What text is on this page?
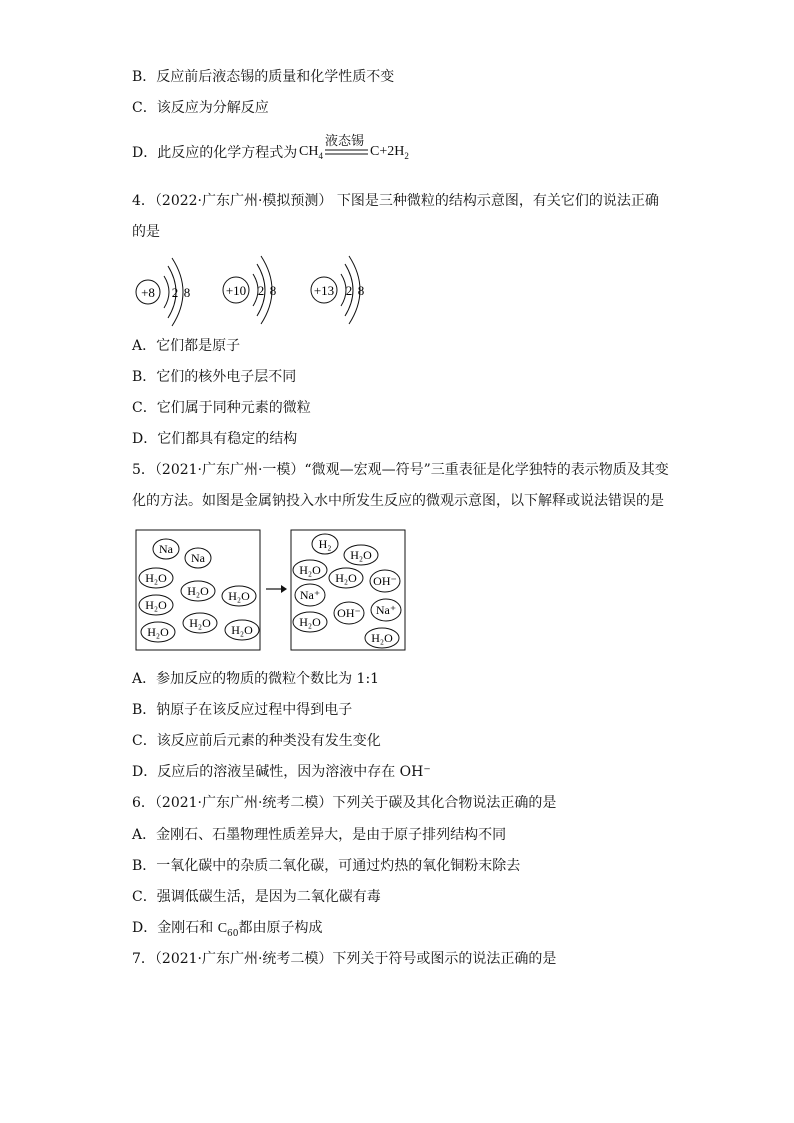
B．反应前后液态锡的质量和化学性质不变
C．该反应为分解反应
D．此反应的化学方程式为 $CH_4$
液态锡
$C+2H_2$
4．（2022·广东广州·模拟预测） 下图是三种微粒的结构示意图，有关它们的说法正确
的是
+8 2 8	+10 2 8	+13 2 8
A．它们都是原子
B．它们的核外电子层不同
C．它们属于同种元素的微粒
D．它们都具有稳定的结构
5．（2021·广东广州·一模）“微观—宏观—符号”三重表征是化学独特的表示物质及其变
化的方法。如图是金属钠投入水中所发生反应的微观示意图，以下解释或说法错误的是
Na
Na
H₂O
H₂O H₂O
H₂O
H₂O
H₂O	H₂O
H₂
H₂O
H₂O
H₂O OH⁻
Na⁺
OH⁻ Na⁺
H₂O
H₂O
A．参加反应的物质的微粒个数比为 1:1
B．钠原子在该反应过程中得到电子
C．该反应前后元素的种类没有发生变化
D．反应后的溶液呈碱性，因为溶液中存在 OH⁻
6．（2021·广东广州·统考二模）下列关于碳及其化合物说法正确的是
A．金刚石、石墨物理性质差异大，是由于原子排列结构不同
B．一氧化碳中的杂质二氧化碳，可通过灼热的氧化铜粉末除去
C．强调低碳生活，是因为二氧化碳有毒
D．金刚石和 $C_{60}$都由原子构成
7．（2021·广东广州·统考二模）下列关于符号或图示的说法正确的是
